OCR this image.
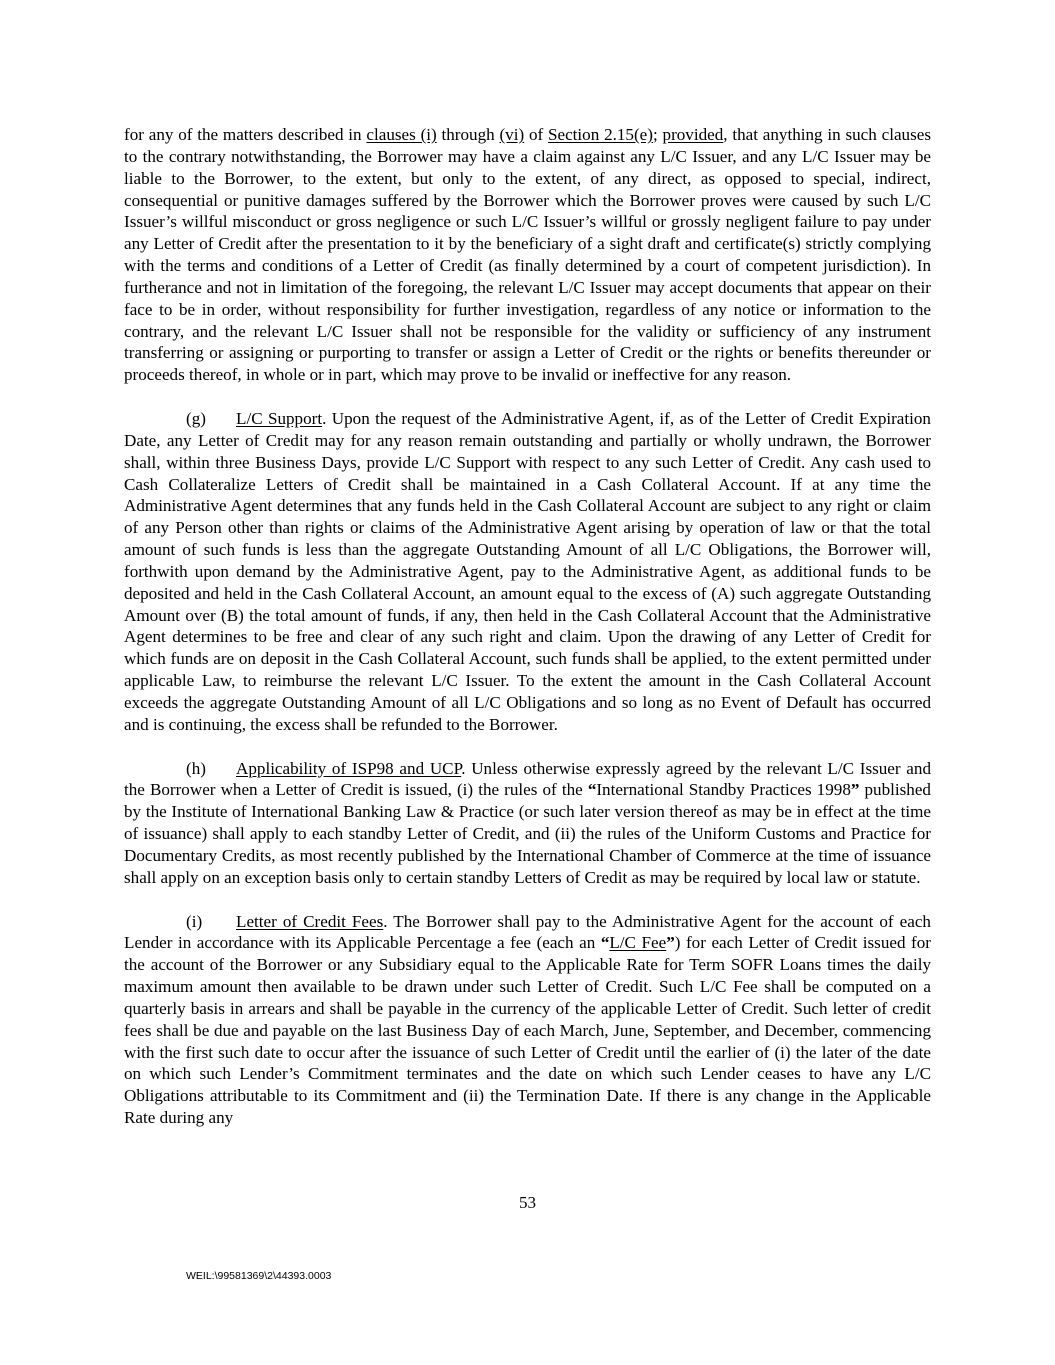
for any of the matters described in clauses (i) through (vi) of Section 2.15(e); provided, that anything in such clauses to the contrary notwithstanding, the Borrower may have a claim against any L/C Issuer, and any L/C Issuer may be liable to the Borrower, to the extent, but only to the extent, of any direct, as opposed to special, indirect, consequential or punitive damages suffered by the Borrower which the Borrower proves were caused by such L/C Issuer’s willful misconduct or gross negligence or such L/C Issuer’s willful or grossly negligent failure to pay under any Letter of Credit after the presentation to it by the beneficiary of a sight draft and certificate(s) strictly complying with the terms and conditions of a Letter of Credit (as finally determined by a court of competent jurisdiction). In furtherance and not in limitation of the foregoing, the relevant L/C Issuer may accept documents that appear on their face to be in order, without responsibility for further investigation, regardless of any notice or information to the contrary, and the relevant L/C Issuer shall not be responsible for the validity or sufficiency of any instrument transferring or assigning or purporting to transfer or assign a Letter of Credit or the rights or benefits thereunder or proceeds thereof, in whole or in part, which may prove to be invalid or ineffective for any reason.

(g) L/C Support. Upon the request of the Administrative Agent, if, as of the Letter of Credit Expiration Date, any Letter of Credit may for any reason remain outstanding and partially or wholly undrawn, the Borrower shall, within three Business Days, provide L/C Support with respect to any such Letter of Credit. Any cash used to Cash Collateralize Letters of Credit shall be maintained in a Cash Collateral Account. If at any time the Administrative Agent determines that any funds held in the Cash Collateral Account are subject to any right or claim of any Person other than rights or claims of the Administrative Agent arising by operation of law or that the total amount of such funds is less than the aggregate Outstanding Amount of all L/C Obligations, the Borrower will, forthwith upon demand by the Administrative Agent, pay to the Administrative Agent, as additional funds to be deposited and held in the Cash Collateral Account, an amount equal to the excess of (A) such aggregate Outstanding Amount over (B) the total amount of funds, if any, then held in the Cash Collateral Account that the Administrative Agent determines to be free and clear of any such right and claim. Upon the drawing of any Letter of Credit for which funds are on deposit in the Cash Collateral Account, such funds shall be applied, to the extent permitted under applicable Law, to reimburse the relevant L/C Issuer. To the extent the amount in the Cash Collateral Account exceeds the aggregate Outstanding Amount of all L/C Obligations and so long as no Event of Default has occurred and is continuing, the excess shall be refunded to the Borrower.

(h) Applicability of ISP98 and UCP. Unless otherwise expressly agreed by the relevant L/C Issuer and the Borrower when a Letter of Credit is issued, (i) the rules of the “International Standby Practices 1998” published by the Institute of International Banking Law & Practice (or such later version thereof as may be in effect at the time of issuance) shall apply to each standby Letter of Credit, and (ii) the rules of the Uniform Customs and Practice for Documentary Credits, as most recently published by the International Chamber of Commerce at the time of issuance shall apply on an exception basis only to certain standby Letters of Credit as may be required by local law or statute.

(i) Letter of Credit Fees. The Borrower shall pay to the Administrative Agent for the account of each Lender in accordance with its Applicable Percentage a fee (each an “L/C Fee”) for each Letter of Credit issued for the account of the Borrower or any Subsidiary equal to the Applicable Rate for Term SOFR Loans times the daily maximum amount then available to be drawn under such Letter of Credit. Such L/C Fee shall be computed on a quarterly basis in arrears and shall be payable in the currency of the applicable Letter of Credit. Such letter of credit fees shall be due and payable on the last Business Day of each March, June, September, and December, commencing with the first such date to occur after the issuance of such Letter of Credit until the earlier of (i) the later of the date on which such Lender’s Commitment terminates and the date on which such Lender ceases to have any L/C Obligations attributable to its Commitment and (ii) the Termination Date. If there is any change in the Applicable Rate during any

53
WEIL:\99581369\2\44393.0003
